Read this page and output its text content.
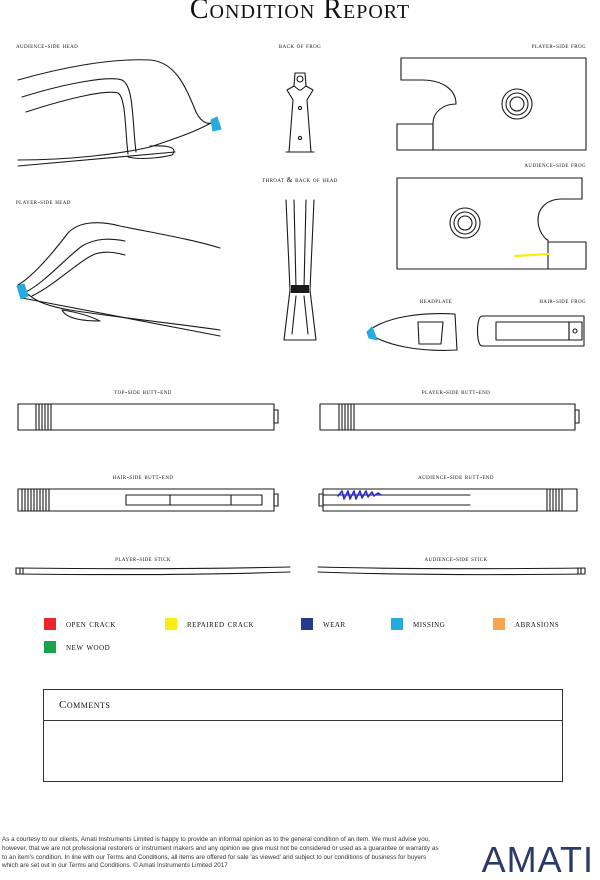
Condition Report
audience-side head	back of frog	player-side frog
audience-side frog
throat & back of head
player-side head
headplate	hair-side frog
top-side butt-end	player-side butt-end
hair-side butt-end	audience-side butt-end
player-side stick	audience-side stick
open crack	repaired crack	wear	missing	abrasions
new wood
Comments
As a courtesy to our clients, Amati Instruments Limited is happy to provide an informal opinion as to the general condition of an item. We must advise you, however, that we are not professional restorers or instrument makers and any opinion we give must not be considered or used as a guarantee or warranty as to an item's condition. In line with our Terms and Conditions, all items are offered for sale 'as viewed' and subject to our conditions of business for buyers which are set out in our Terms and Conditions. © Amati Instruments Limited 2017	AMATI
